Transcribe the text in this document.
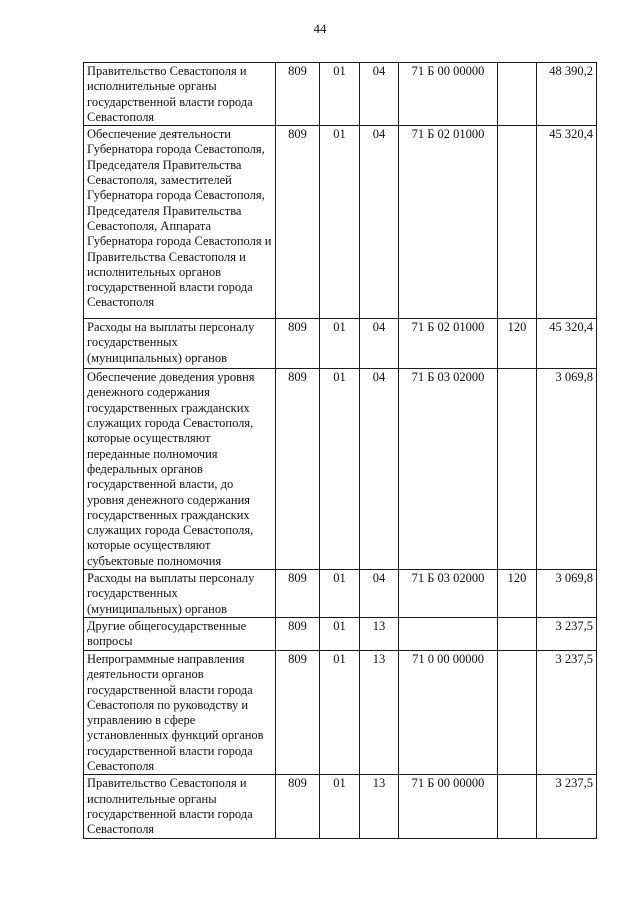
44
Правительство Севастополя и исполнительные органы государственной власти города Севастополя	809	01	04	71 Б 00 00000		48 390,2
Обеспечение деятельности Губернатора города Севастополя, Председателя Правительства Севастополя, заместителей Губернатора города Севастополя, Председателя Правительства Севастополя, Аппарата Губернатора города Севастополя и Правительства Севастополя и исполнительных органов государственной власти города Севастополя	809	01	04	71 Б 02 01000		45 320,4
Расходы на выплаты персоналу государственных (муниципальных) органов	809	01	04	71 Б 02 01000	120	45 320,4
Обеспечение доведения уровня денежного содержания государственных гражданских служащих города Севастополя, которые осуществляют переданные полномочия федеральных органов государственной власти, до уровня денежного содержания государственных гражданских служащих города Севастополя, которые осуществляют субъектовые полномочия	809	01	04	71 Б 03 02000		3 069,8
Расходы на выплаты персоналу государственных (муниципальных) органов	809	01	04	71 Б 03 02000	120	3 069,8
Другие общегосударственные вопросы	809	01	13			3 237,5
Непрограммные направления деятельности органов государственной власти города Севастополя по руководству и управлению в сфере установленных функций органов государственной власти города Севастополя	809	01	13	71 0 00 00000		3 237,5
Правительство Севастополя и исполнительные органы государственной власти города Севастополя	809	01	13	71 Б 00 00000		3 237,5
